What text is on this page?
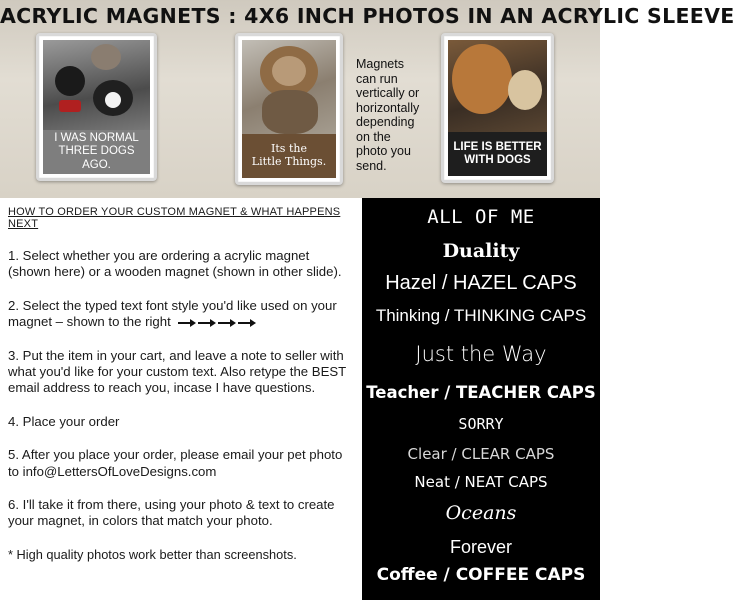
ACRYLIC MAGNETS : 4X6 INCH PHOTOS IN AN ACRYLIC SLEEVE
I WAS NORMAL
THREE DOGS AGO.
Its the
Little Things.
Magnets
can run
vertically or
horizontally
depending
on the
photo you
send.
LIFE IS BETTER
WITH DOGS
HOW TO ORDER YOUR CUSTOM MAGNET & WHAT HAPPENS NEXT
1. Select whether you are ordering a acrylic magnet (shown here) or a wooden magnet (shown in other slide).
2. Select the typed text font style you'd like used on your magnet – shown to the right
3. Put the item in your cart, and leave a note to seller with what you'd like for your custom text. Also retype the BEST email address to reach you, incase I have questions.
4. Place your order
5. After you place your order, please email your pet photo to info@LettersOfLoveDesigns.com
6. I'll take it from there, using your photo & text to create your magnet, in colors that match your photo.
* High quality photos work better than screenshots.
ALL OF ME
Duality
Hazel / HAZEL CAPS
Thinking / THINKING CAPS
Just the Way
Teacher / TEACHER CAPS
SORRY
Clear / CLEAR CAPS
Neat / NEAT CAPS
Oceans
Forever
Coffee / COFFEE CAPS
